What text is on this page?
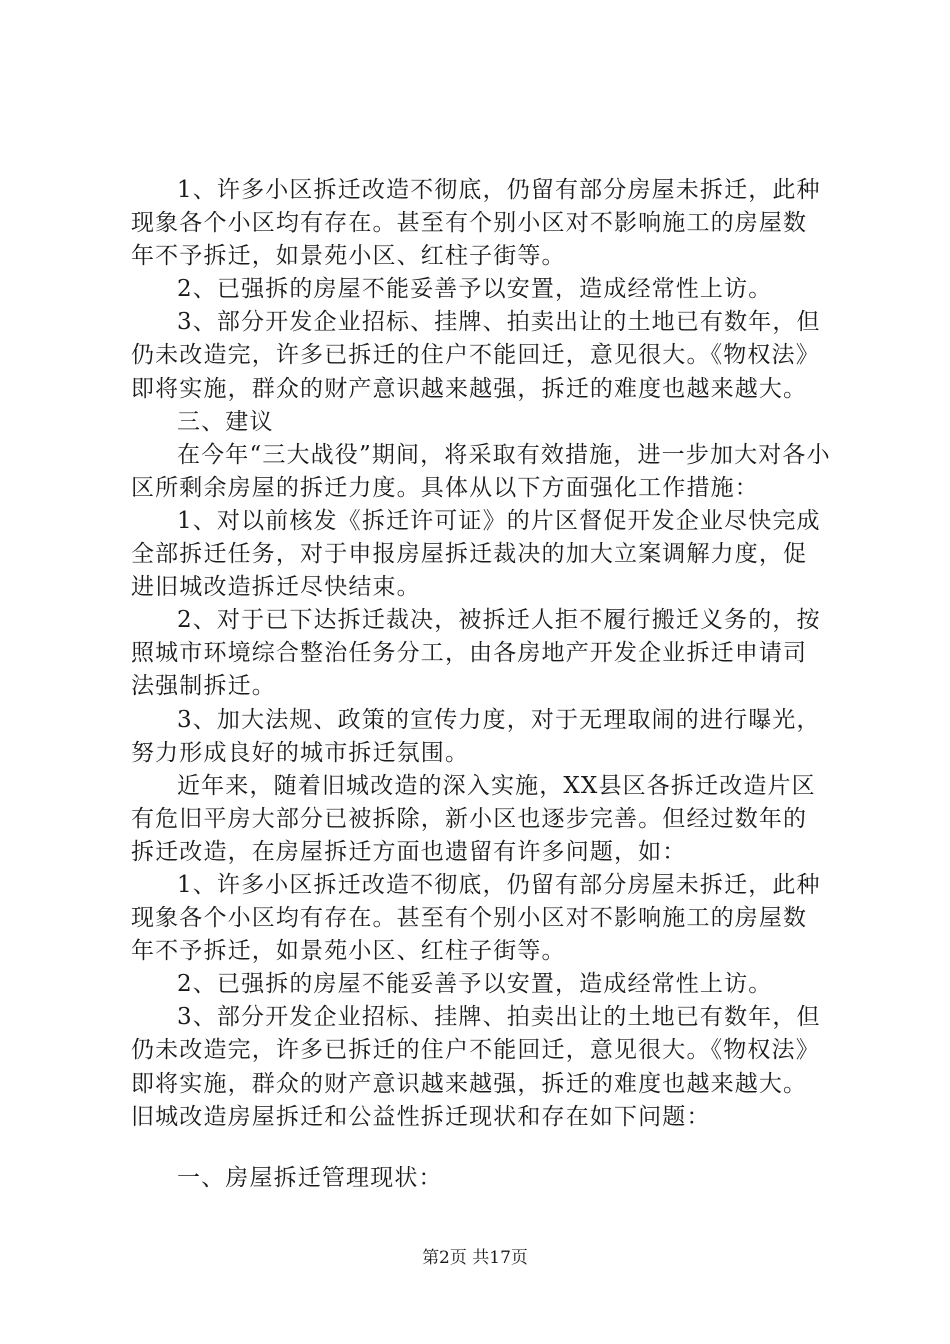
1、许多小区拆迁改造不彻底，仍留有部分房屋未拆迁，此种现象各个小区均有存在。甚至有个别小区对不影响施工的房屋数年不予拆迁，如景苑小区、红柱子街等。

2、已强拆的房屋不能妥善予以安置，造成经常性上访。

3、部分开发企业招标、挂牌、拍卖出让的土地已有数年，但仍未改造完，许多已拆迁的住户不能回迁，意见很大。《物权法》即将实施，群众的财产意识越来越强，拆迁的难度也越来越大。

三、建议

在今年“三大战役”期间，将采取有效措施，进一步加大对各小区所剩余房屋的拆迁力度。具体从以下方面强化工作措施：

1、对以前核发《拆迁许可证》的片区督促开发企业尽快完成全部拆迁任务，对于申报房屋拆迁裁决的加大立案调解力度，促进旧城改造拆迁尽快结束。

2、对于已下达拆迁裁决，被拆迁人拒不履行搬迁义务的，按照城市环境综合整治任务分工，由各房地产开发企业拆迁申请司法强制拆迁。

3、加大法规、政策的宣传力度，对于无理取闹的进行曝光，努力形成良好的城市拆迁氛围。

近年来，随着旧城改造的深入实施，XX县区各拆迁改造片区有危旧平房大部分已被拆除，新小区也逐步完善。但经过数年的拆迁改造，在房屋拆迁方面也遗留有许多问题，如：

1、许多小区拆迁改造不彻底，仍留有部分房屋未拆迁，此种现象各个小区均有存在。甚至有个别小区对不影响施工的房屋数年不予拆迁，如景苑小区、红柱子街等。

2、已强拆的房屋不能妥善予以安置，造成经常性上访。

3、部分开发企业招标、挂牌、拍卖出让的土地已有数年，但仍未改造完，许多已拆迁的住户不能回迁，意见很大。《物权法》即将实施，群众的财产意识越来越强，拆迁的难度也越来越大。旧城改造房屋拆迁和公益性拆迁现状和存在如下问题：

一、房屋拆迁管理现状：

第2页 共17页
